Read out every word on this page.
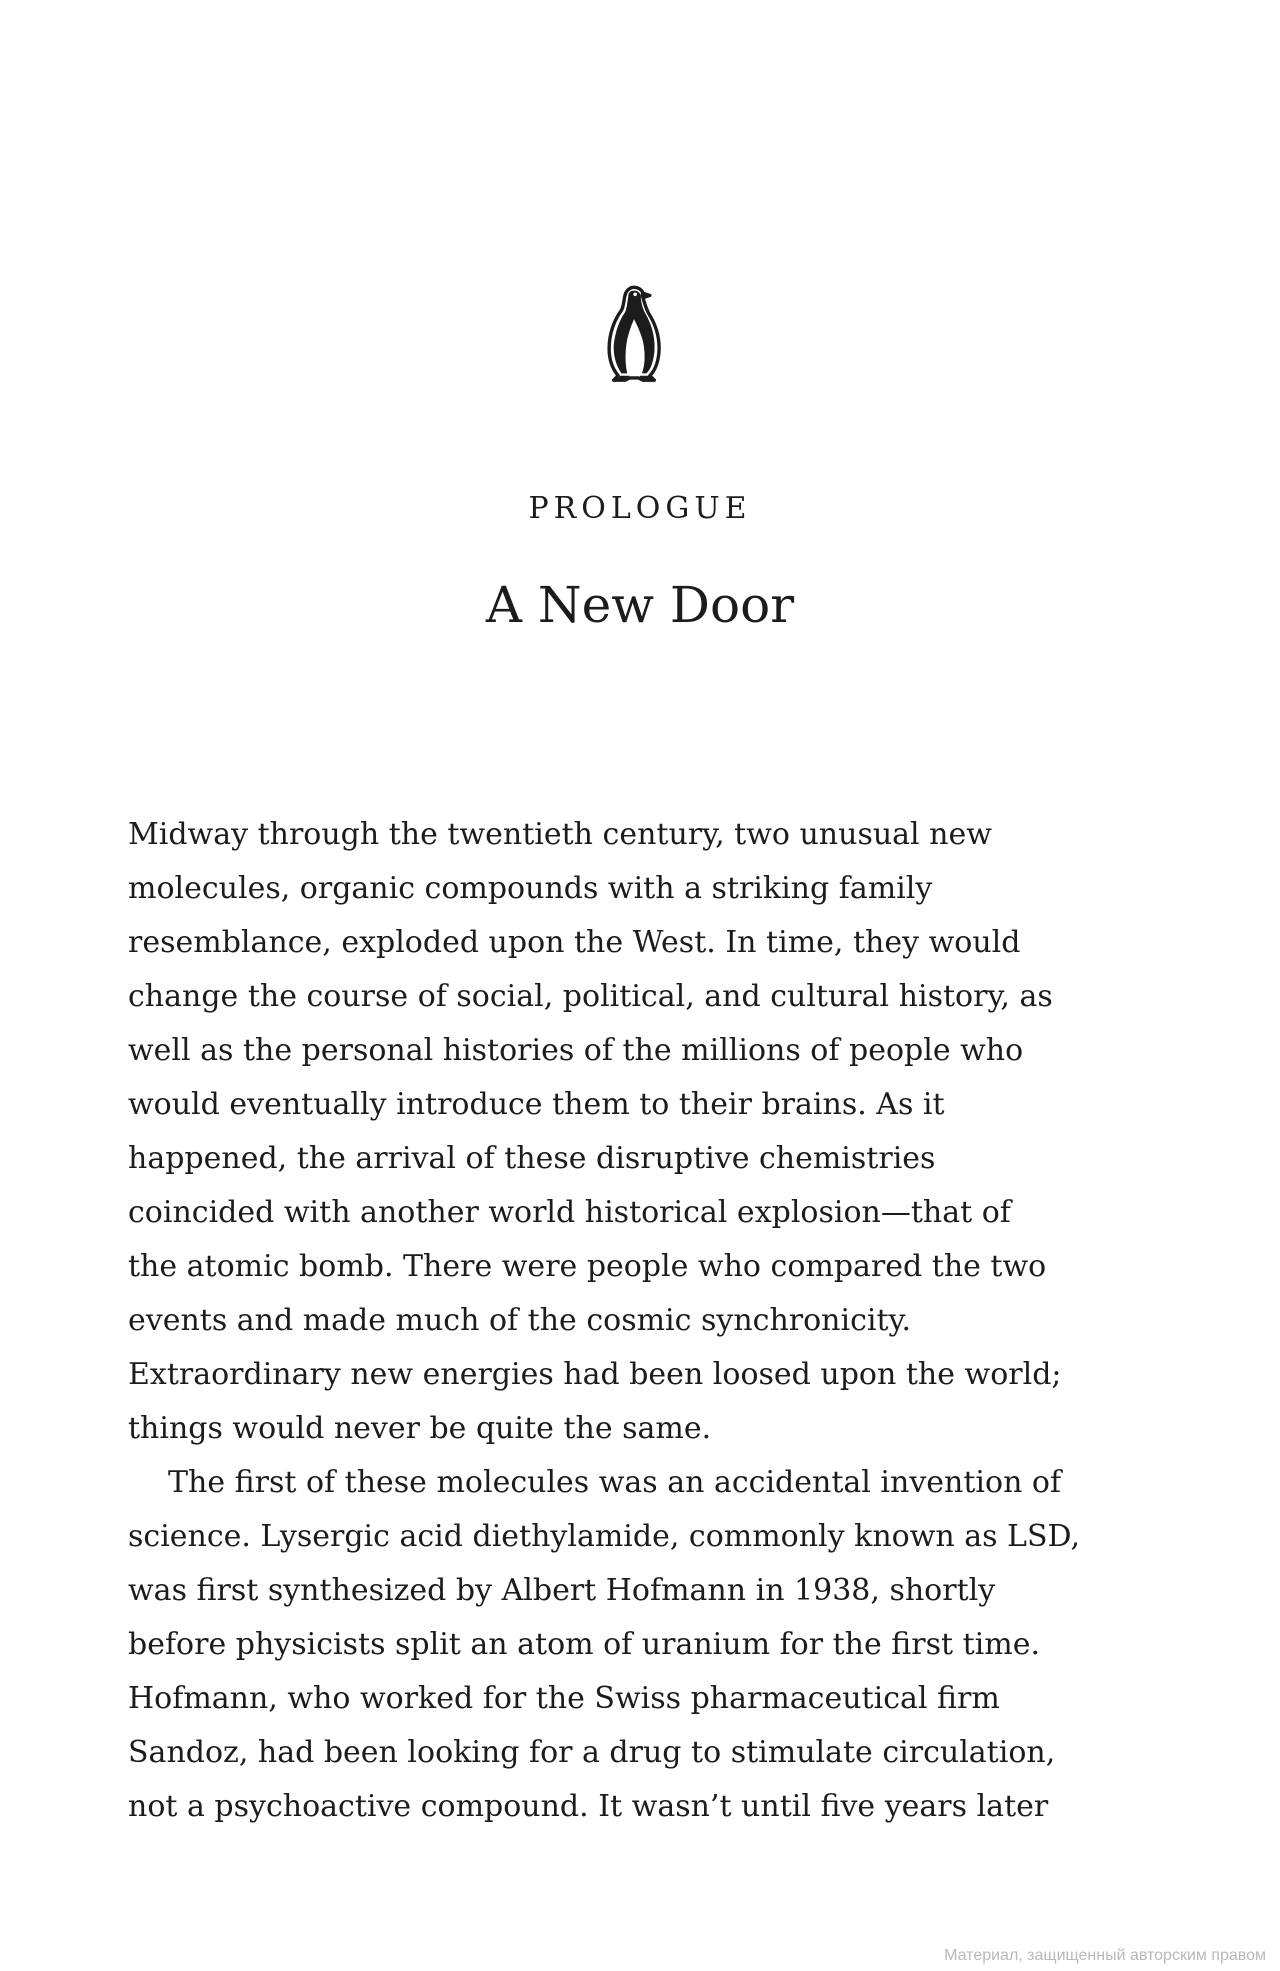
PROLOGUE
A New Door

Midway through the twentieth century, two unusual new
molecules, organic compounds with a striking family
resemblance, exploded upon the West. In time, they would
change the course of social, political, and cultural history, as
well as the personal histories of the millions of people who
would eventually introduce them to their brains. As it
happened, the arrival of these disruptive chemistries
coincided with another world historical explosion—that of
the atomic bomb. There were people who compared the two
events and made much of the cosmic synchronicity.
Extraordinary new energies had been loosed upon the world;
things would never be quite the same.

The first of these molecules was an accidental invention of
science. Lysergic acid diethylamide, commonly known as LSD,
was first synthesized by Albert Hofmann in 1938, shortly
before physicists split an atom of uranium for the first time.
Hofmann, who worked for the Swiss pharmaceutical firm
Sandoz, had been looking for a drug to stimulate circulation,
not a psychoactive compound. It wasn’t until five years later

Материал, защищенный авторским правом
